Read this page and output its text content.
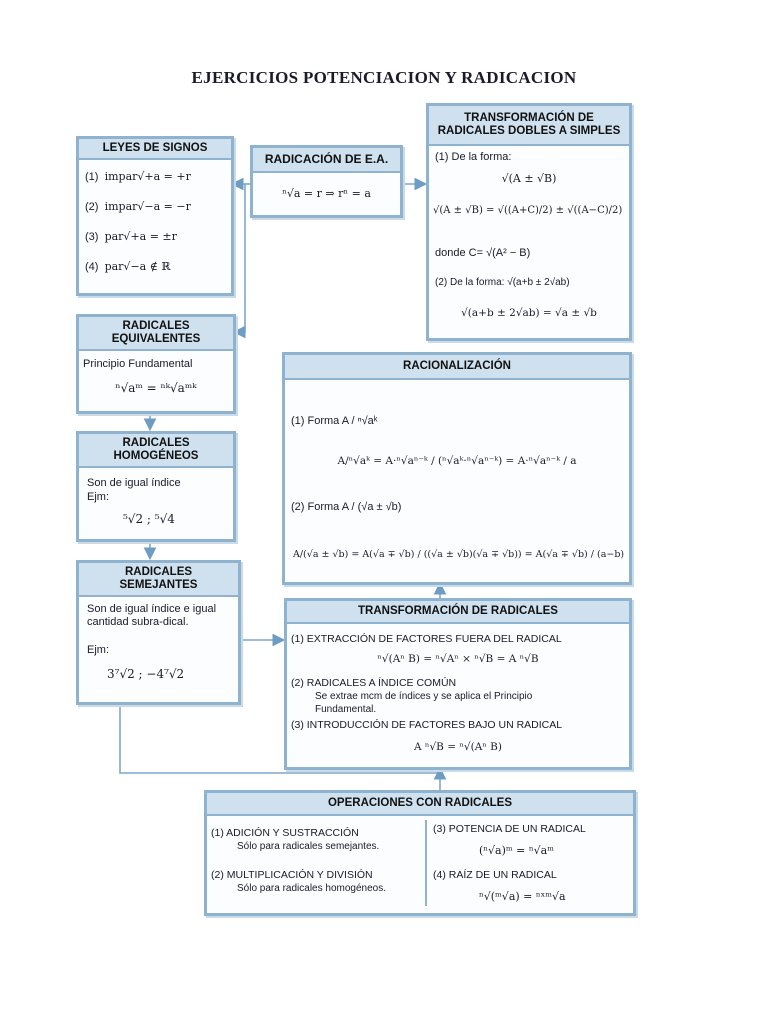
EJERCICIOS POTENCIACION Y RADICACION
LEYES DE SIGNOS
(1) impar√+a = +r
(2) impar√−a = −r
(3) par√+a = ±r
(4) par√−a ∉ ℝ
RADICACIÓN DE E.A.
ⁿ√a = r ⇒ rⁿ = a
TRANSFORMACIÓN DE RADICALES DOBLES A SIMPLES
(1) De la forma:
√(A ± √B)
√(A ± √B) = √((A+C)/2) ± √((A−C)/2)
donde C= √(A² − B)
(2) De la forma: √(a+b ± 2√ab)
√(a+b ± 2√ab) = √a ± √b
RADICALES EQUIVALENTES
Principio Fundamental
ⁿ√aᵐ = ⁿᵏ√aᵐᵏ
RACIONALIZACIÓN
(1) Forma A / ⁿ√aᵏ
A/ⁿ√aᵏ = A·ⁿ√aⁿ⁻ᵏ / (ⁿ√aᵏ·ⁿ√aⁿ⁻ᵏ) = A·ⁿ√aⁿ⁻ᵏ / a
(2) Forma A / (√a ± √b)
A/(√a ± √b) = A(√a ∓ √b) / ((√a ± √b)(√a ∓ √b)) = A(√a ∓ √b) / (a−b)
RADICALES HOMOGÉNEOS
Son de igual índice
Ejm:
⁵√2 ; ⁵√4
RADICALES SEMEJANTES
Son de igual índice e igual cantidad subra-dical.
Ejm:
3⁷√2 ; −4⁷√2
TRANSFORMACIÓN DE RADICALES
(1) EXTRACCIÓN DE FACTORES FUERA DEL RADICAL
ⁿ√(Aⁿ B) = ⁿ√Aⁿ × ⁿ√B = A ⁿ√B
(2) RADICALES A ÍNDICE COMÚN
Se extrae mcm de índices y se aplica el Principio
Fundamental.
(3) INTRODUCCIÓN DE FACTORES BAJO UN RADICAL
A ⁿ√B = ⁿ√(Aⁿ B)
OPERACIONES CON RADICALES
(1) ADICIÓN Y SUSTRACCIÓN
Sólo para radicales semejantes.
(2) MULTIPLICACIÓN Y DIVISIÓN
Sólo para radicales homogéneos.
(3) POTENCIA DE UN RADICAL
(ⁿ√a)ᵐ = ⁿ√aᵐ
(4) RAÍZ DE UN RADICAL
ⁿ√(ᵐ√a) = ⁿˣᵐ√a
